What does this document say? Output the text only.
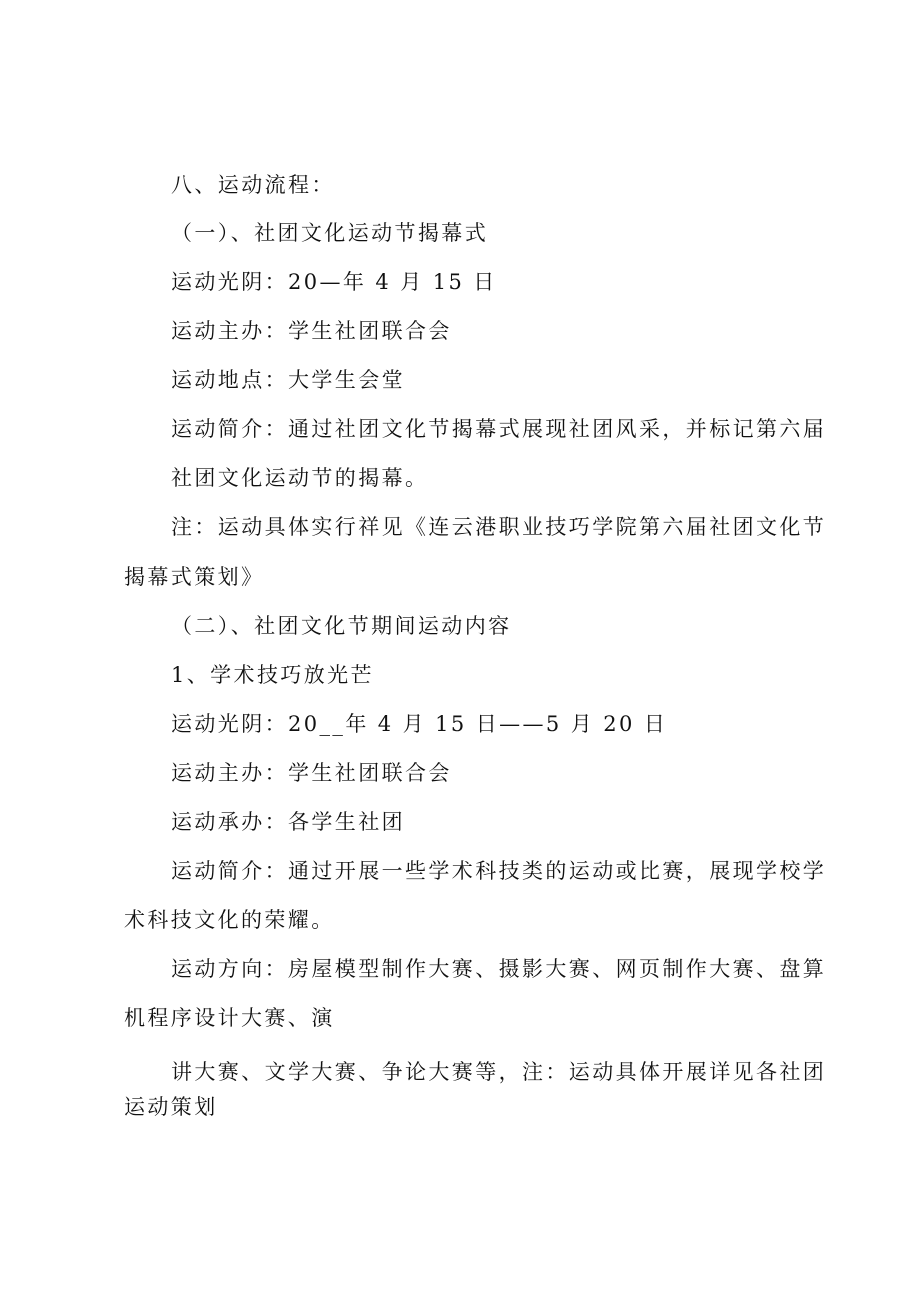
八、运动流程：
（一）、社团文化运动节揭幕式
运动光阴：20—年 4 月 15 日
运动主办：学生社团联合会
运动地点：大学生会堂
运动简介：通过社团文化节揭幕式展现社团风采，并标记第六届
社团文化运动节的揭幕。
注：运动具体实行祥见《连云港职业技巧学院第六届社团文化节
揭幕式策划》
（二）、社团文化节期间运动内容
1、学术技巧放光芒
运动光阴：20__年 4 月 15 日——5 月 20 日
运动主办：学生社团联合会
运动承办：各学生社团
运动简介：通过开展一些学术科技类的运动或比赛，展现学校学
术科技文化的荣耀。
运动方向：房屋模型制作大赛、摄影大赛、网页制作大赛、盘算
机程序设计大赛、演
讲大赛、文学大赛、争论大赛等，注：运动具体开展详见各社团
运动策划
